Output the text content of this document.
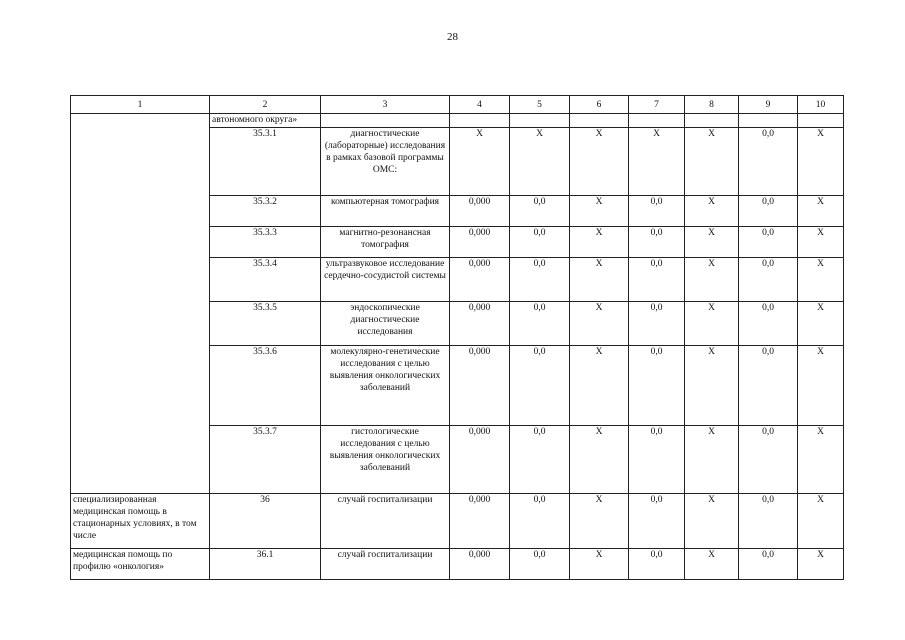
28
1	2	3	4	5	6	7	8	9	10
	автономного округа»								
	35.3.1	диагностические (лабораторные) исследования в рамках базовой программы ОМС:	X	X	X	X	X	0,0	X
	35.3.2	компьютерная томография	0,000	0,0	X	0,0	X	0,0	X
	35.3.3	магнитно-резонансная томография	0,000	0,0	X	0,0	X	0,0	X
	35.3.4	ультразвуковое исследование сердечно-сосудистой системы	0,000	0,0	X	0,0	X	0,0	X
	35.3.5	эндоскопические диагностические исследования	0,000	0,0	X	0,0	X	0,0	X
	35.3.6	молекулярно-генетические исследования с целью выявления онкологических заболеваний	0,000	0,0	X	0,0	X	0,0	X
	35.3.7	гистологические исследования с целью выявления онкологических заболеваний	0,000	0,0	X	0,0	X	0,0	X
специализированная медицинская помощь в стационарных условиях, в том числе	36	случай госпитализации	0,000	0,0	X	0,0	X	0,0	X
медицинская помощь по профилю «онкология»	36.1	случай госпитализации	0,000	0,0	X	0,0	X	0,0	X
